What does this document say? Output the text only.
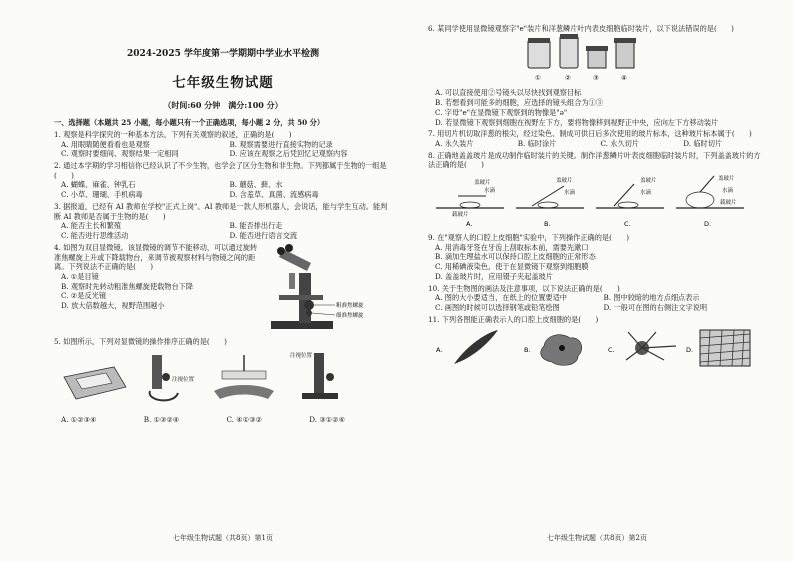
2024-2025 学年度第一学期期中学业水平检测
七年级生物试题
（时间:60 分钟　满分:100 分）
一、选择题（本题共 25 小题，每小题只有一个正确选项，每小题 2 分，共 50 分）
1. 观察是科学探究的一种基本方法。下列有关观察的叙述，正确的是(　　)
A. 用眼睛随便看看也是观察	B. 观察需要进行直接实物的记录
C. 观察时要细间、观察结果一定相同	D. 应该在观察之后凭回忆记观察内容
2. 通过本学期的学习相信你已经认识了不少生物，也学会了区分生物和非生物。下列都属于生物的一组是(　　)
A. 蝴蝶、麻雀、钟乳石	B. 蘑菇、藓、水
C. 小草、珊瑚、手机病毒	D. 含羞草、真菌、流感病毒
3. 据报道，已经有 AI 教师在学校"正式上岗"。AI 教师是一款人形机器人，会说话，能与学生互动。能判断 AI 教师是否属于生物的是(　　)
A. 能否主长和繁殖	B. 能否排出行走
C. 能否进行思维活动	D. 能否进行语言交流
4. 如图为双目显微镜。该显微镜的调节不能移动，可以通过旋转准焦螺旋上升或下降载物台，来调节被观察材料与物镜之间的距离。下列说法不正确的是(　　)
A. ①是目镜
B. 观察时先转动粗准焦螺旋使载物台下降
C. ②是反光镜
D. 放大倍数越大，视野范围越小	粗准焦螺旋
细准焦螺旋
5. 如图所示，下列对显微镜的操作排序正确的是(　　)
注视位置
注视位置
A. ①②③④	B. ①③②④	C. ④①③②	D. ③①②④
七年级生物试题（共8页）第1页
6. 某同学使用显微镜观察字"e"装片和洋葱鳞片叶内表皮细胞临时装片，以下说法错误的是(　　)
①	②	③	④
A. 可以直接使用②号镜头以尽快找到观察目标
B. 若想看到可能多的细胞，应选择的镜头组合为①③
C. 字母"e"在显微镜下观察到的物像是"ə"
D. 若显微镜下观察到细胞在视野左下方，要将物像移到视野正中央，应向左下方移动装片
7. 用切片机切取洋葱的根尖，经过染色、制成可供日后多次使用的玻片标本，这种玻片标本属于(　　)
A. 永久装片	B. 临时涂片	C. 永久切片	D. 临时切片
8. 正确地盖盖玻片是成功制作临时装片的关键。制作洋葱鳞片叶表皮细胞临时装片时，下列盖盖玻片的方法正确的是(　　)
盖玻片
水滴
载玻片
A.
盖玻片
水滴
B.
盖玻片
水滴
C.
盖玻片
水滴
载玻片
D.
9. 在"观察人的口腔上皮细胞"实验中，下列操作正确的是(　　)
A. 用消毒牙签在牙齿上刮取标本前，需要先漱口
B. 滴加生理盐水可以保持口腔上皮细胞的正常形态
C. 用稀碘液染色，使于在显微镜下观察到细胞膜
D. 盖盖玻片时，应用镊子夹起盖玻片
10. 关于生物图的画法及注意事项，以下说法正确的是(　　)
A. 图的大小要适当，在纸上的位置要适中	B. 图中较暗的地方点细点表示
C. 画图的时候可以选择钢笔或铅笔绘图	D. 一般可在图的右侧注文字说明
11. 下列各图能正确表示人的口腔上皮细胞的是(　　)
A.	B.	C.	D.
七年级生物试题（共8页）第2页
